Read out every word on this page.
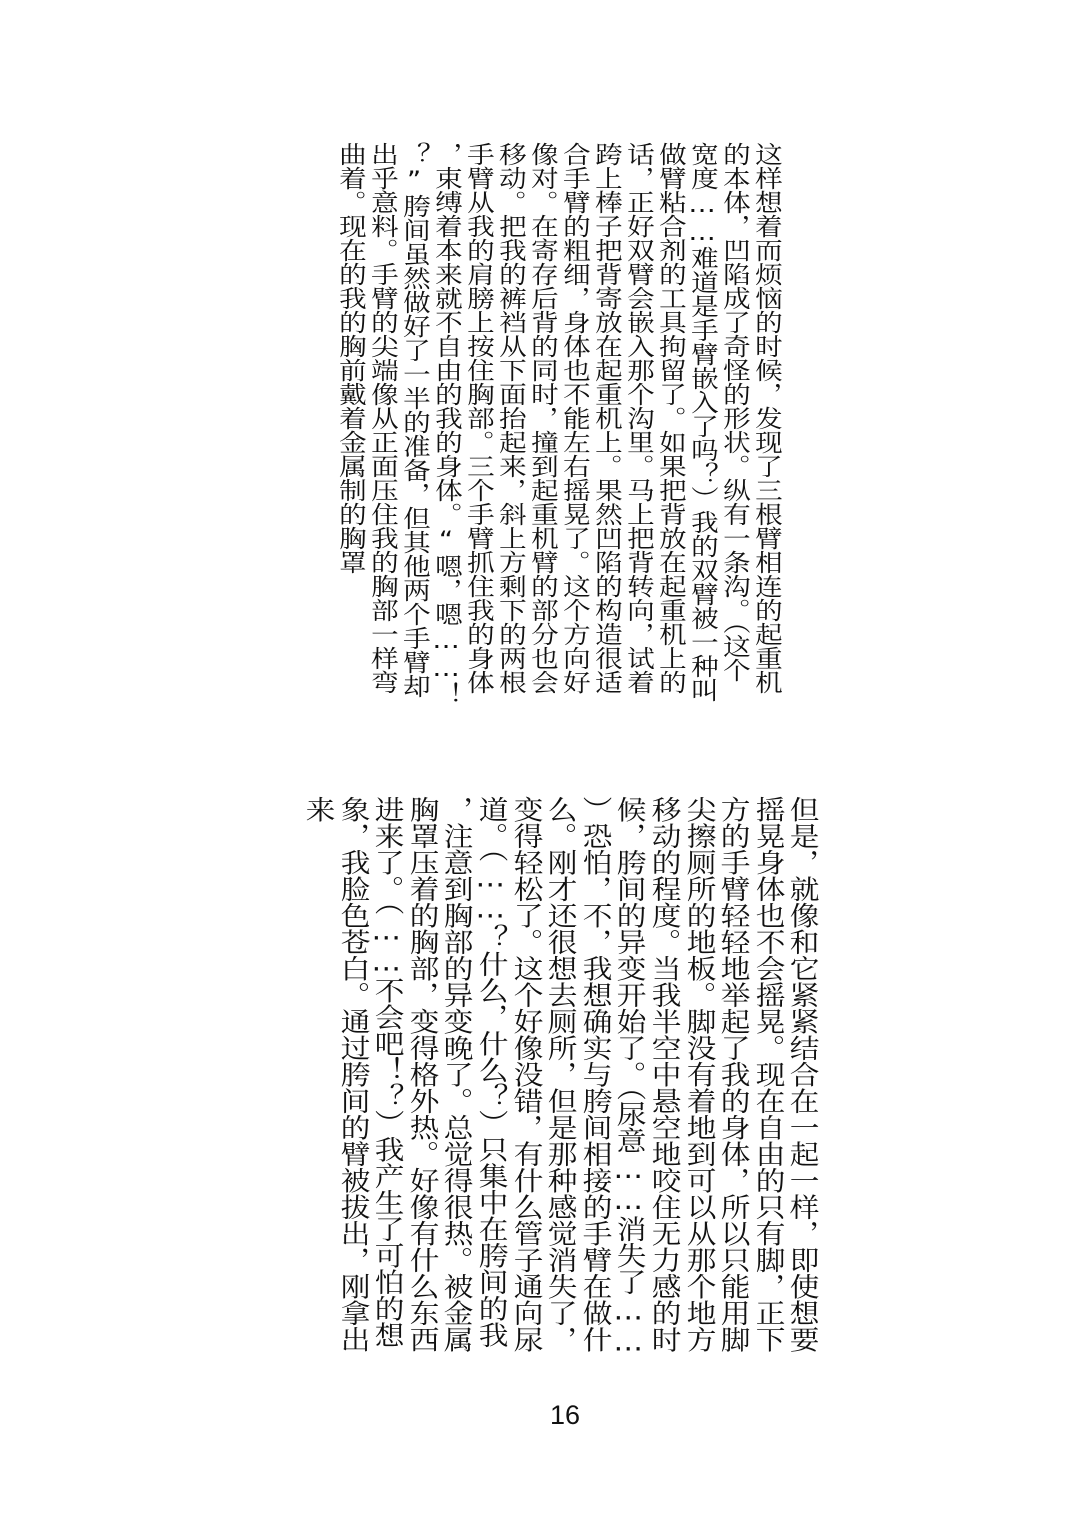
这样想着而烦恼的时候，发现了三根臂相连的起重机
的本体，凹陷成了奇怪的形状。纵有一条沟。（这个
宽度……难道是手臂嵌入了吗？）我的双臂被一种叫
做臂粘合剂的工具拘留了。如果把背放在起重机上的
话，正好双臂会嵌入那个沟里。马上把背转向，试着
跨上棒子把背寄放在起重机上。果然凹陷的构造很适
合手臂的粗细，身体也不能左右摇晃了。这个方向好
像对。在寄存后背的同时，撞到起重机臂的部分也会
移动。把我的裤裆从下面抬起来，斜上方剩下的两根
手臂从我的肩膀上按住胸部。三个手臂抓住我的身体
，束缚着本来就不自由的我的身体。“嗯，嗯……！
？”胯间虽然做好了一半的准备，但其他两个手臂却
出乎意料。手臂的尖端像从正面压住我的胸部一样弯
曲着。现在的我的胸前戴着金属制的胸罩
但是，就像和它紧紧结合在一起一样，即使想要
摇晃身体也不会摇晃。现在自由的只有脚，正下
方的手臂轻轻地举起了我的身体，所以只能用脚
尖擦厕所的地板。脚没有着地到可以从那个地方
移动的程度。当我半空中悬空地咬住无力感的时
候，胯间的异变开始了。（尿意……消失了……
）恐怕，不，我想确实与胯间相接的手臂在做什
么。刚才还很想去厕所，但是那种感觉消失了，
变得轻松了。这个好像没错，有什么管子通向尿
道。（……？什么，什么？）只集中在胯间的我
，注意到胸部的异变晚了。总觉得很热。被金属
胸罩压着的胸部，变得格外热。好像有什么东西
进来了。（……不会吧！？）我产生了可怕的想
象，我脸色苍白。通过胯间的臂被拔出，刚拿出
来
16
